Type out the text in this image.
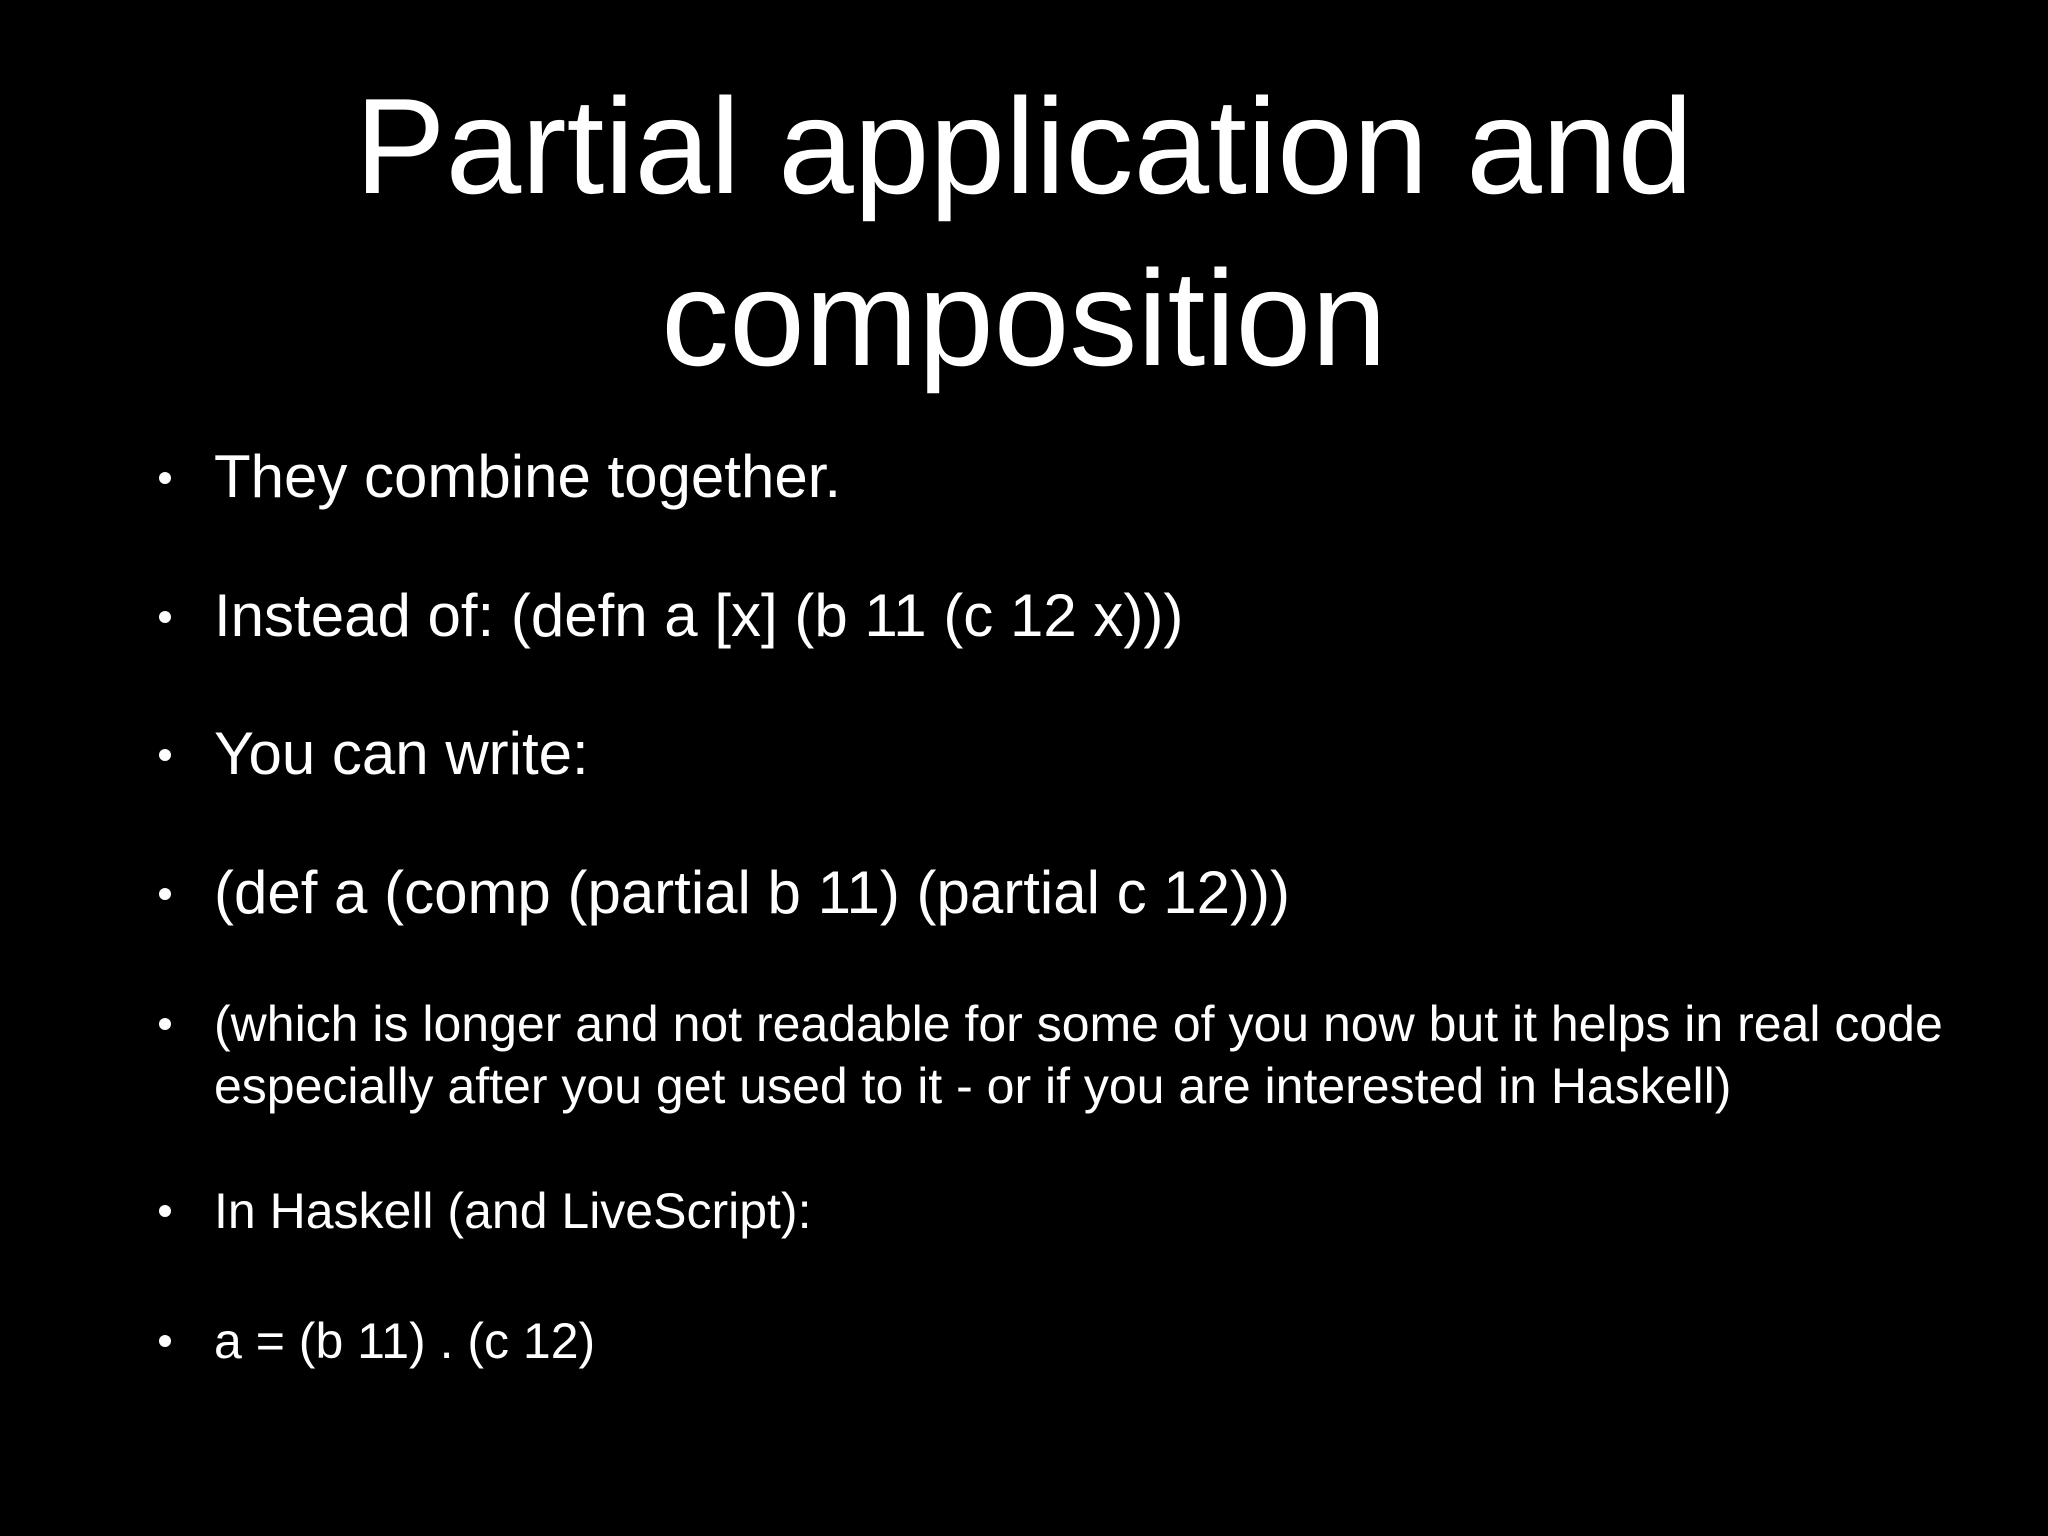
Partial application and
composition
They combine together.
Instead of: (defn a [x] (b 11 (c 12 x)))
You can write:
(def a (comp (partial b 11) (partial c 12)))
(which is longer and not readable for some of you now but it helps in real code especially after you get used to it - or if you are interested in Haskell)
In Haskell (and LiveScript):
a = (b 11) . (c 12)
